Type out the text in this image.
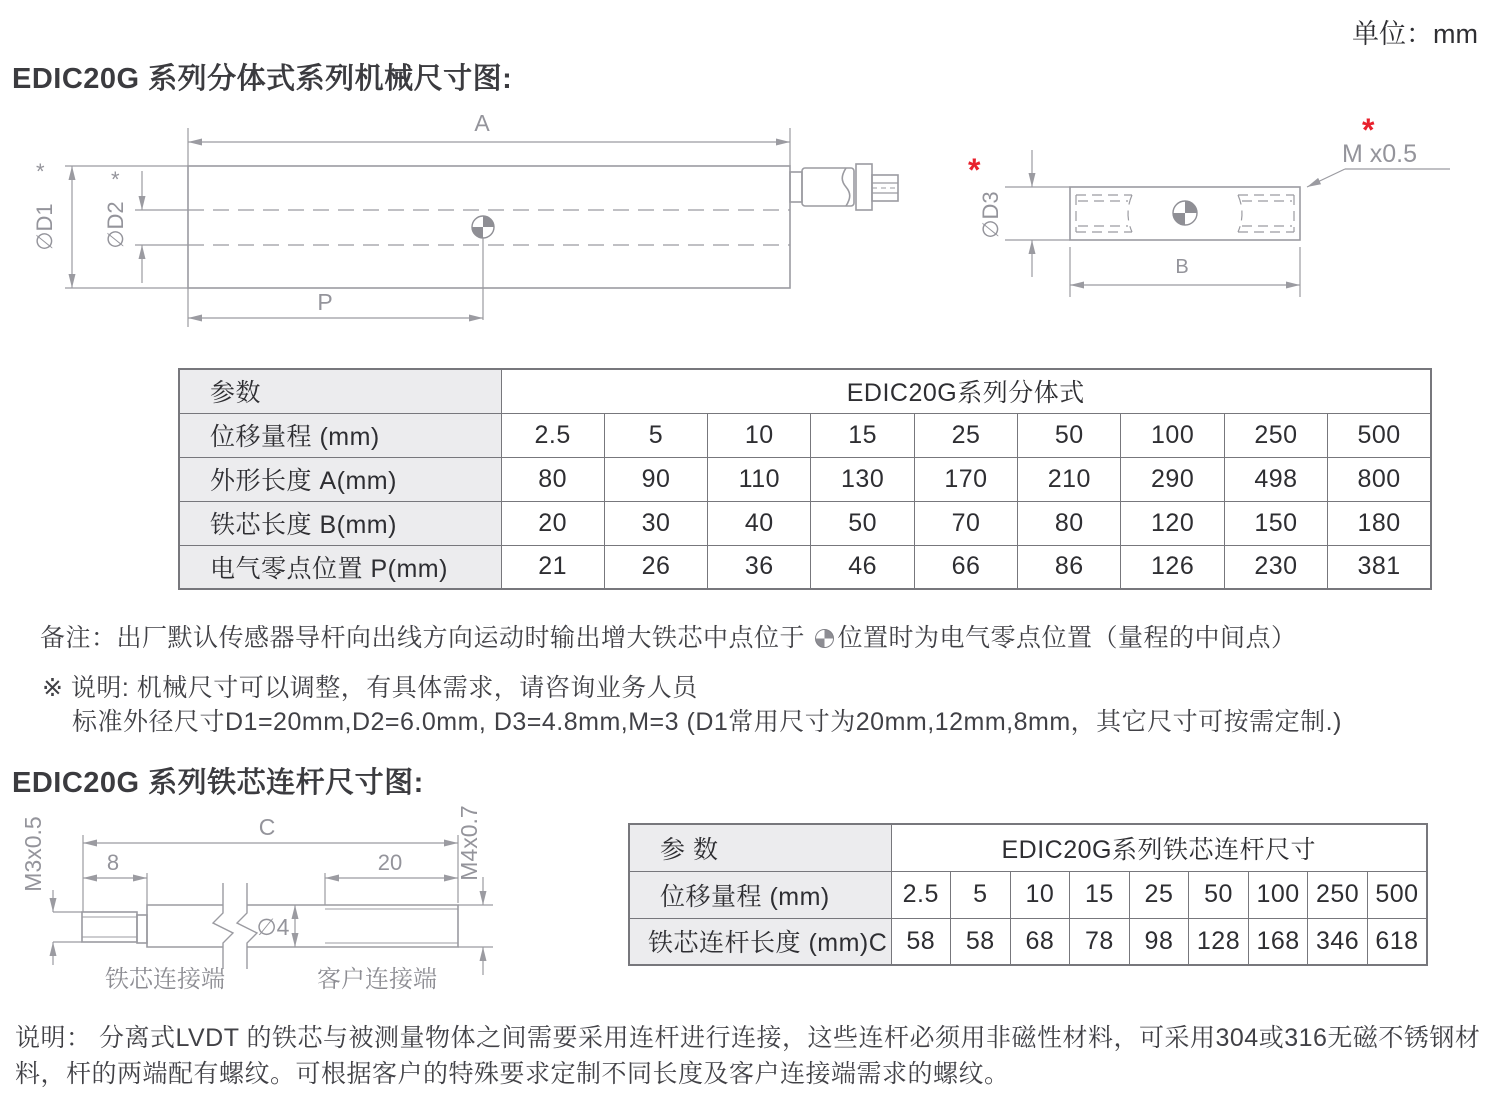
单位：mm
EDIC20G 系列分体式系列机械尺寸图:
A
∅D1
*
∅D2
*
P
∅D3
*	M x0.5
*
B
参数	EDIC20G系列分体式								
位移量程 (mm)	2.5	5	10	15	25	50	100	250	500
外形长度 A(mm)	80	90	110	130	170	210	290	498	800
铁芯长度 B(mm)	20	30	40	50	70	80	120	150	180
电气零点位置 P(mm)	21	26	36	46	66	86	126	230	381
备注：出厂默认传感器导杆向出线方向运动时输出增大铁芯中点位于 位置时为电气零点位置（量程的中间点）
※ 说明: 机械尺寸可以调整，有具体需求，请咨询业务人员
标准外径尺寸D1=20mm,D2=6.0mm, D3=4.8mm,M=3 (D1常用尺寸为20mm,12mm,8mm，其它尺寸可按需定制.)
EDIC20G 系列铁芯连杆尺寸图:
C
8	20
∅4
M3x0.5	M4x0.7
铁芯连接端	客户连接端
参 数	EDIC20G系列铁芯连杆尺寸								
位移量程 (mm)	2.5	5	10	15	25	50	100	250	500
铁芯连杆长度 (mm)C	58	58	68	78	98	128	168	346	618
说明： 分离式LVDT 的铁芯与被测量物体之间需要采用连杆进行连接，这些连杆必须用非磁性材料，可采用304或316无磁不锈钢材
料，杆的两端配有螺纹。可根据客户的特殊要求定制不同长度及客户连接端需求的螺纹。
